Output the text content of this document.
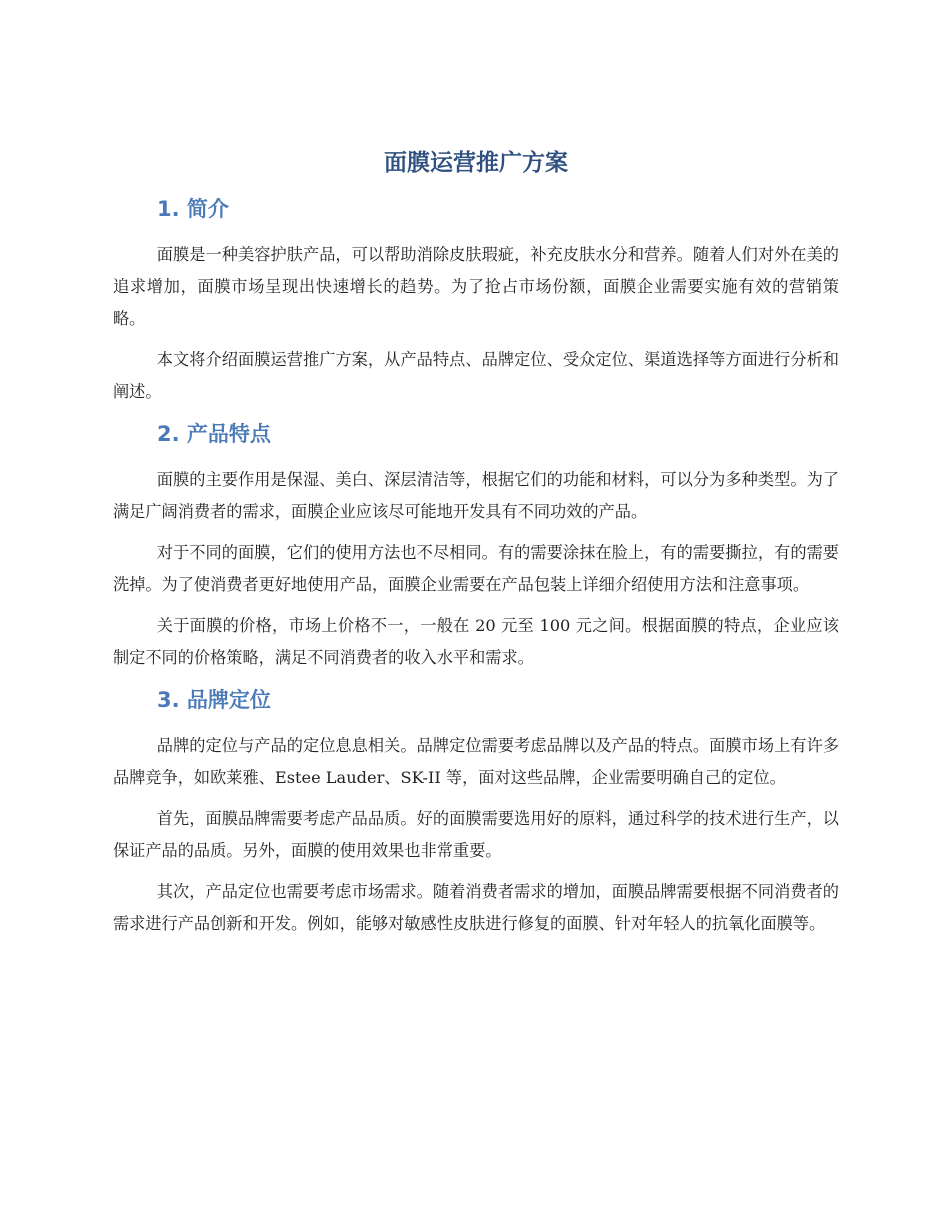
面膜运营推广方案
1. 简介

面膜是一种美容护肤产品，可以帮助消除皮肤瑕疵，补充皮肤水分和营养。随着人们对外在美的追求增加，面膜市场呈现出快速增长的趋势。为了抢占市场份额，面膜企业需要实施有效的营销策略。

本文将介绍面膜运营推广方案，从产品特点、品牌定位、受众定位、渠道选择等方面进行分析和阐述。

2. 产品特点

面膜的主要作用是保湿、美白、深层清洁等，根据它们的功能和材料，可以分为多种类型。为了满足广阔消费者的需求，面膜企业应该尽可能地开发具有不同功效的产品。

对于不同的面膜，它们的使用方法也不尽相同。有的需要涂抹在脸上，有的需要撕拉，有的需要洗掉。为了使消费者更好地使用产品，面膜企业需要在产品包装上详细介绍使用方法和注意事项。

关于面膜的价格，市场上价格不一，一般在 20 元至 100 元之间。根据面膜的特点，企业应该制定不同的价格策略，满足不同消费者的收入水平和需求。

3. 品牌定位

品牌的定位与产品的定位息息相关。品牌定位需要考虑品牌以及产品的特点。面膜市场上有许多品牌竞争，如欧莱雅、Estee Lauder、SK-II 等，面对这些品牌，企业需要明确自己的定位。

首先，面膜品牌需要考虑产品品质。好的面膜需要选用好的原料，通过科学的技术进行生产，以保证产品的品质。另外，面膜的使用效果也非常重要。

其次，产品定位也需要考虑市场需求。随着消费者需求的增加，面膜品牌需要根据不同消费者的需求进行产品创新和开发。例如，能够对敏感性皮肤进行修复的面膜、针对年轻人的抗氧化面膜等。
